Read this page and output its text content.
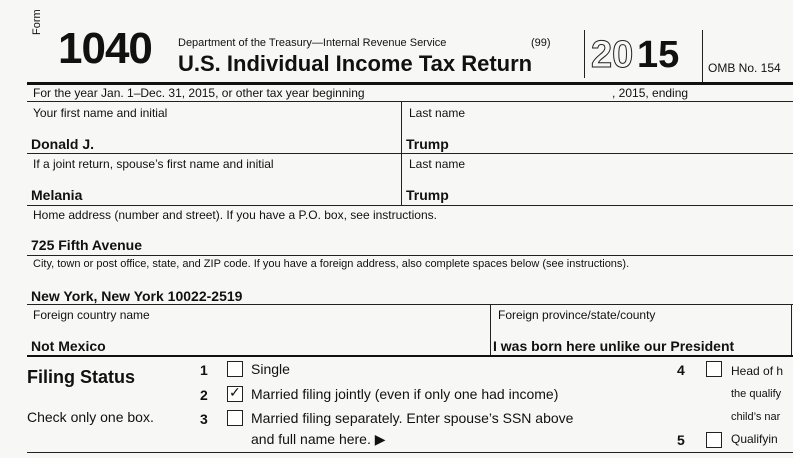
Form
1040 Department of the Treasury—Internal Revenue Service	(99)
U.S. Individual Income Tax Return 20 15 OMB No. 154
For the year Jan. 1–Dec. 31, 2015, or other tax year beginning	, 2015, ending
Your first name and initial	Last name
Donald J.	Trump
If a joint return, spouse’s first name and initial	Last name
Melania	Trump
Home address (number and street). If you have a P.O. box, see instructions.
725 Fifth Avenue
City, town or post office, state, and ZIP code. If you have a foreign address, also complete spaces below (see instructions).
New York, New York 10022-2519
Foreign country name	Foreign province/state/county
Not Mexico	I was born here unlike our President
Filing Status
Check only one box.
1	Single
2 ✓ Married filing jointly (even if only one had income)
3	Married filing separately. Enter spouse’s SSN above
and full name here. ▶
4	Head of h
the qualify
child’s nar
5	Qualifyin
